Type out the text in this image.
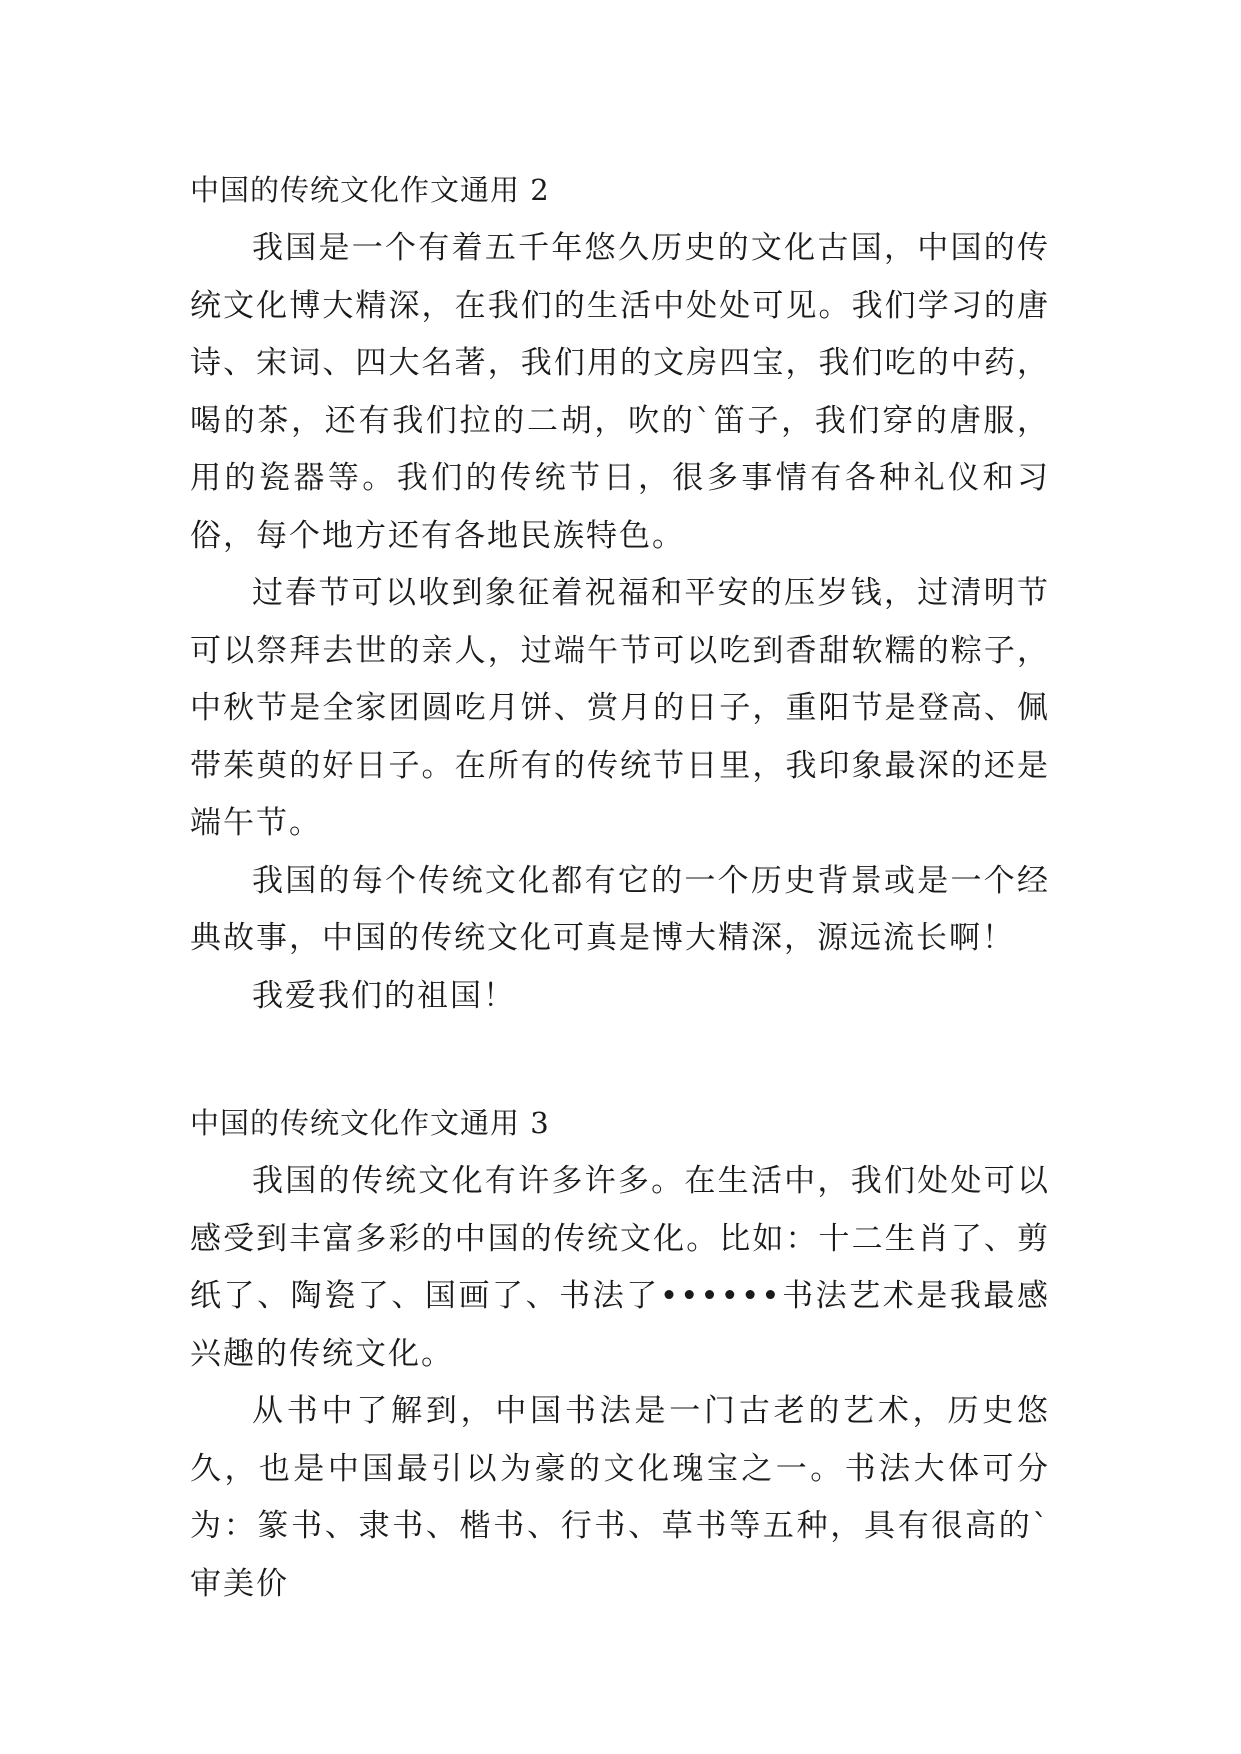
中国的传统文化作文通用 2

我国是一个有着五千年悠久历史的文化古国，中国的传统文化博大精深，在我们的生活中处处可见。我们学习的唐诗、宋词、四大名著，我们用的文房四宝，我们吃的中药，喝的茶，还有我们拉的二胡，吹的`笛子，我们穿的唐服，用的瓷器等。我们的传统节日，很多事情有各种礼仪和习俗，每个地方还有各地民族特色。

过春节可以收到象征着祝福和平安的压岁钱，过清明节可以祭拜去世的亲人，过端午节可以吃到香甜软糯的粽子，中秋节是全家团圆吃月饼、赏月的日子，重阳节是登高、佩带茱萸的好日子。在所有的传统节日里，我印象最深的还是端午节。

我国的每个传统文化都有它的一个历史背景或是一个经典故事，中国的传统文化可真是博大精深，源远流长啊！

我爱我们的祖国！

中国的传统文化作文通用 3

我国的传统文化有许多许多。在生活中，我们处处可以感受到丰富多彩的中国的传统文化。比如：十二生肖了、剪纸了、陶瓷了、国画了、书法了••••••书法艺术是我最感兴趣的传统文化。

从书中了解到，中国书法是一门古老的艺术，历史悠久，也是中国最引以为豪的文化瑰宝之一。书法大体可分为：篆书、隶书、楷书、行书、草书等五种，具有很高的`审美价
